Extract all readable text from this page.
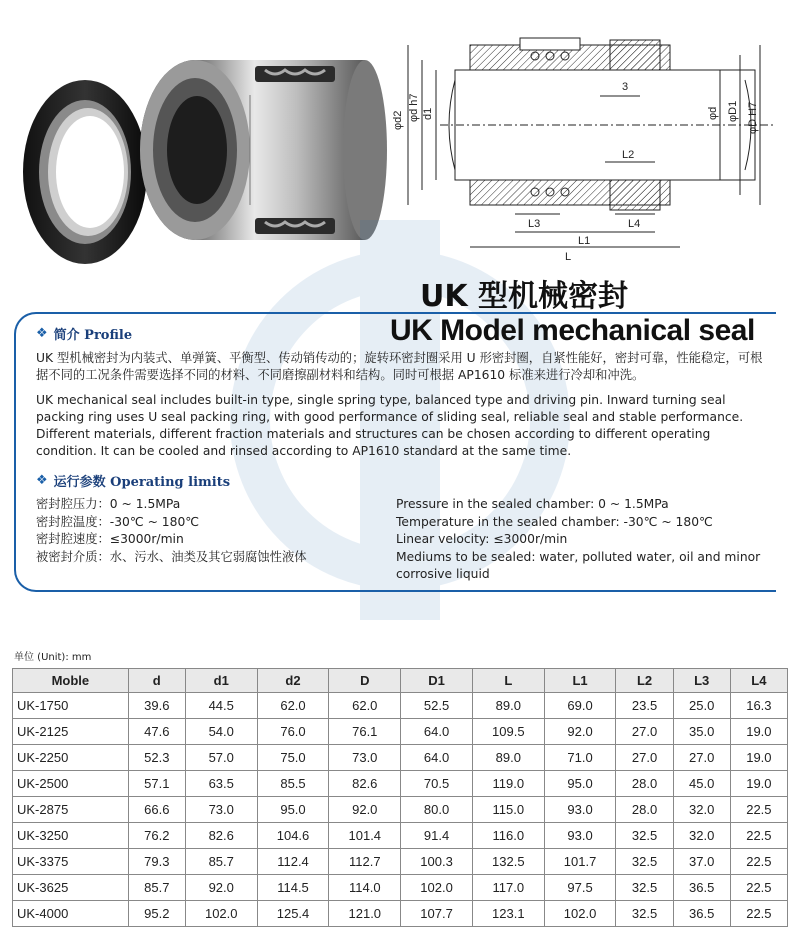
φd2 φd h7 d1	φd φD1 φD H7
3
L2
L3	L4
L1
L
UK 型机械密封
UK Model mechanical seal
❖ 简介 Profile
UK 型机械密封为内装式、单弹簧、平衡型、传动销传动的；旋转环密封圈采用 U 形密封圈，自紧性能好，密封可靠，性能稳定，可根据不同的工况条件需要选择不同的材料、不同磨擦副材料和结构。同时可根据 AP1610 标准来进行冷却和冲洗。
UK mechanical seal includes built-in type, single spring type, balanced type and driving pin. Inward turning seal packing ring uses U seal packing ring, with good performance of sliding seal, reliable seal and stable performance. Different materials, different fraction materials and structures can be chosen according to different operating condition. It can be cooled and rinsed according to AP1610 standard at the same time.
❖ 运行参数 Operating limits
密封腔压力：0 ~ 1.5MPa
密封腔温度：-30℃ ~ 180℃
密封腔速度：≤3000r/min
被密封介质：水、污水、油类及其它弱腐蚀性液体
Pressure in the sealed chamber: 0 ~ 1.5MPa
Temperature in the sealed chamber: -30℃ ~ 180℃
Linear velocity: ≤3000r/min
Mediums to be sealed: water, polluted water, oil and minor corrosive liquid
单位 (Unit): mm
Moble	d	d1	d2	D	D1	L	L1	L2	L3	L4
UK-1750	39.6	44.5	62.0	62.0	52.5	89.0	69.0	23.5	25.0	16.3
UK-2125	47.6	54.0	76.0	76.1	64.0	109.5	92.0	27.0	35.0	19.0
UK-2250	52.3	57.0	75.0	73.0	64.0	89.0	71.0	27.0	27.0	19.0
UK-2500	57.1	63.5	85.5	82.6	70.5	119.0	95.0	28.0	45.0	19.0
UK-2875	66.6	73.0	95.0	92.0	80.0	115.0	93.0	28.0	32.0	22.5
UK-3250	76.2	82.6	104.6	101.4	91.4	116.0	93.0	32.5	32.0	22.5
UK-3375	79.3	85.7	112.4	112.7	100.3	132.5	101.7	32.5	37.0	22.5
UK-3625	85.7	92.0	114.5	114.0	102.0	117.0	97.5	32.5	36.5	22.5
UK-4000	95.2	102.0	125.4	121.0	107.7	123.1	102.0	32.5	36.5	22.5
